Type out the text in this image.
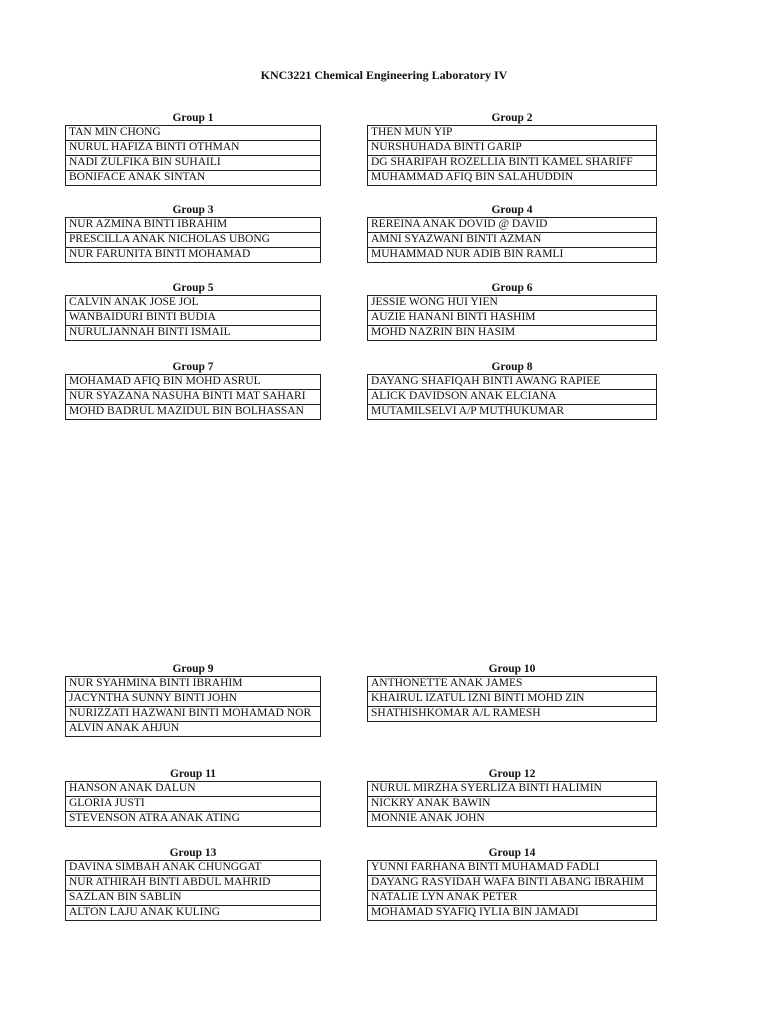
KNC3221 Chemical Engineering Laboratory IV
Group 1
TAN MIN CHONG
NURUL HAFIZA BINTI OTHMAN
NADI ZULFIKA BIN SUHAILI
BONIFACE ANAK SINTAN
Group 2
THEN MUN YIP
NURSHUHADA BINTI GARIP
DG SHARIFAH ROZELLIA BINTI KAMEL SHARIFF
MUHAMMAD AFIQ BIN SALAHUDDIN
Group 3
NUR AZMINA BINTI IBRAHIM
PRESCILLA ANAK NICHOLAS UBONG
NUR FARUNITA BINTI MOHAMAD
Group 4
REREINA ANAK DOVID @ DAVID
AMNI SYAZWANI BINTI AZMAN
MUHAMMAD NUR ADIB BIN RAMLI
Group 5
CALVIN ANAK JOSE JOL
WANBAIDURI BINTI BUDIA
NURULJANNAH BINTI ISMAIL
Group 6
JESSIE WONG HUI YIEN
AUZIE HANANI BINTI HASHIM
MOHD NAZRIN BIN HASIM
Group 7
MOHAMAD AFIQ BIN MOHD ASRUL
NUR SYAZANA NASUHA BINTI MAT SAHARI
MOHD BADRUL MAZIDUL BIN BOLHASSAN
Group 8
DAYANG SHAFIQAH BINTI AWANG RAPIEE
ALICK DAVIDSON ANAK ELCIANA
MUTAMILSELVI A/P MUTHUKUMAR
Group 9
NUR SYAHMINA BINTI IBRAHIM
JACYNTHA SUNNY BINTI JOHN
NURIZZATI HAZWANI BINTI MOHAMAD NOR
ALVIN ANAK AHJUN
Group 10
ANTHONETTE ANAK JAMES
KHAIRUL IZATUL IZNI BINTI MOHD ZIN
SHATHISHKOMAR A/L RAMESH
Group 11
HANSON ANAK DALUN
GLORIA JUSTI
STEVENSON ATRA ANAK ATING
Group 12
NURUL MIRZHA SYERLIZA BINTI HALIMIN
NICKRY ANAK BAWIN
MONNIE ANAK JOHN
Group 13
DAVINA SIMBAH ANAK CHUNGGAT
NUR ATHIRAH BINTI ABDUL MAHRID
SAZLAN BIN SABLIN
ALTON LAJU ANAK KULING
Group 14
YUNNI FARHANA BINTI MUHAMAD FADLI
DAYANG RASYIDAH WAFA BINTI ABANG IBRAHIM
NATALIE LYN ANAK PETER
MOHAMAD SYAFIQ IYLIA BIN JAMADI
